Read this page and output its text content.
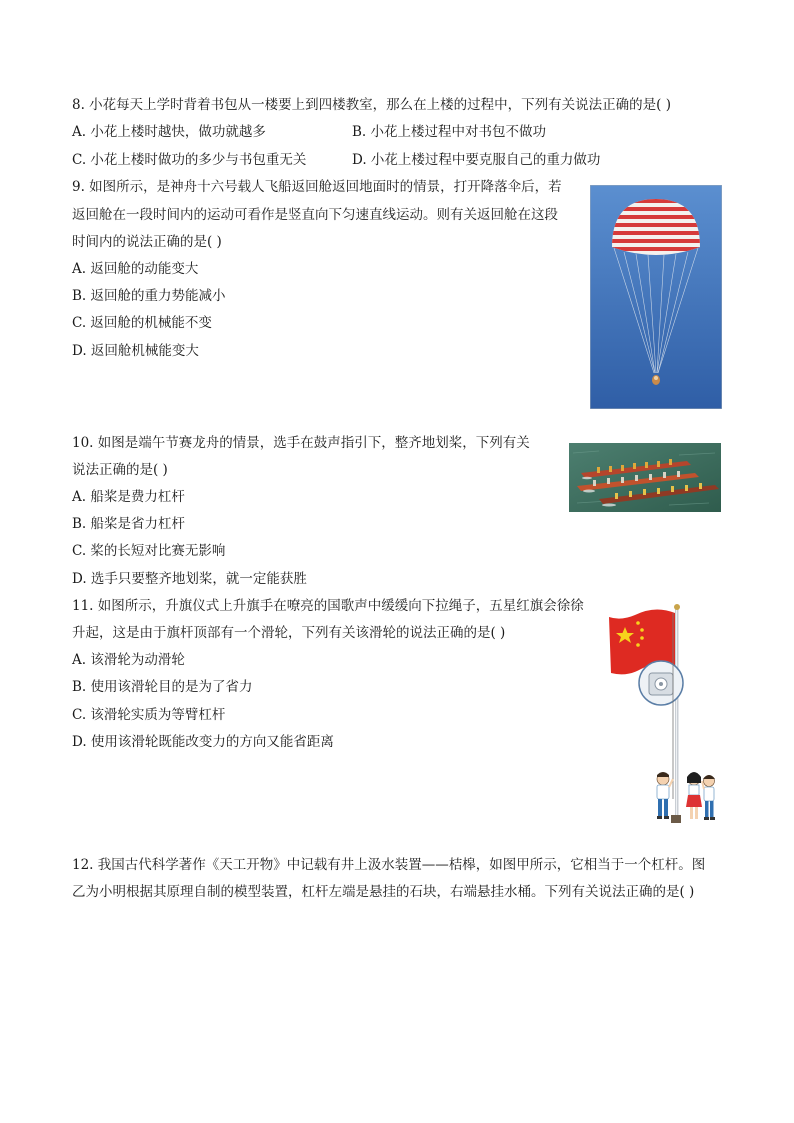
8. 小花每天上学时背着书包从一楼要上到四楼教室，那么在上楼的过程中，下列有关说法正确的是( )
A. 小花上楼时越快，做功就越多	B. 小花上楼过程中对书包不做功
C. 小花上楼时做功的多少与书包重无关	D. 小花上楼过程中要克服自己的重力做功
9. 如图所示，是神舟十六号载人飞船返回舱返回地面时的情景，打开降落伞后，若
返回舱在一段时间内的运动可看作是竖直向下匀速直线运动。则有关返回舱在这段
时间内的说法正确的是( )
A. 返回舱的动能变大
B. 返回舱的重力势能减小
C. 返回舱的机械能不变
D. 返回舱机械能变大
10. 如图是端午节赛龙舟的情景，选手在鼓声指引下，整齐地划桨，下列有关
说法正确的是( )
A. 船桨是费力杠杆
B. 船桨是省力杠杆
C. 桨的长短对比赛无影响
D. 选手只要整齐地划桨，就一定能获胜
11. 如图所示，升旗仪式上升旗手在嘹亮的国歌声中缓缓向下拉绳子，五星红旗会徐徐
升起，这是由于旗杆顶部有一个滑轮，下列有关该滑轮的说法正确的是( )
A. 该滑轮为动滑轮
B. 使用该滑轮目的是为了省力
C. 该滑轮实质为等臂杠杆
D. 使用该滑轮既能改变力的方向又能省距离
12. 我国古代科学著作《天工开物》中记载有井上汲水装置——桔槔，如图甲所示，它相当于一个杠杆。图
乙为小明根据其原理自制的模型装置，杠杆左端是悬挂的石块，右端悬挂水桶。下列有关说法正确的是( )
